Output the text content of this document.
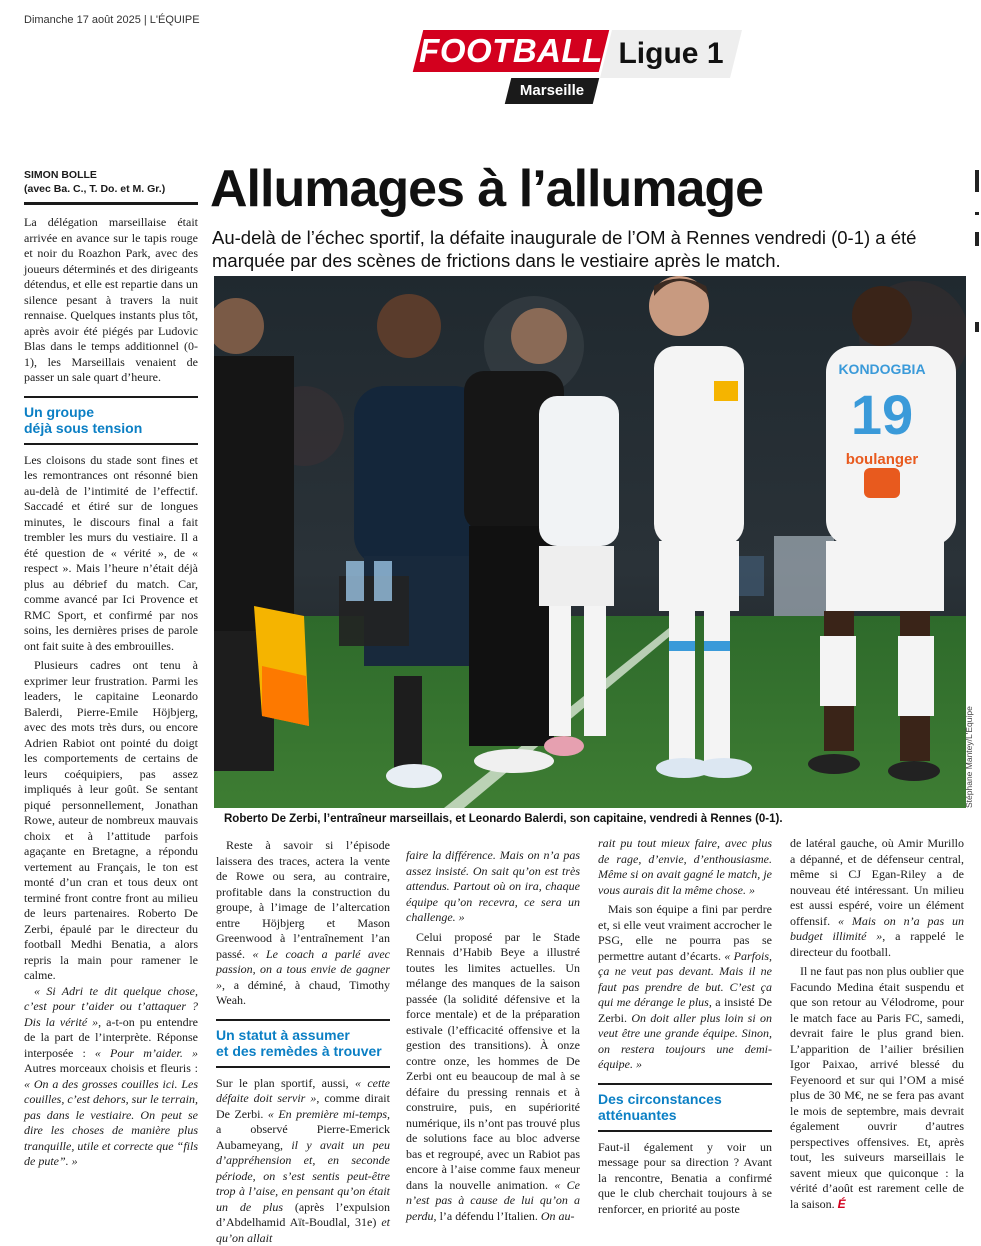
Dimanche 17 août 2025 | L'ÉQUIPE
FOOTBALL Ligue 1
Marseille
SIMON BOLLE
(avec Ba. C., T. Do. et M. Gr.)

La délégation marseillaise était arrivée en avance sur le tapis rouge et noir du Roazhon Park, avec des joueurs déterminés et des dirigeants détendus, et elle est repartie dans un silence pesant à travers la nuit rennaise. Quelques instants plus tôt, après avoir été piégés par Ludovic Blas dans le temps additionnel (0-1), les Marseillais venaient de passer un sale quart d’heure.

Un groupe
déjà sous tension

Les cloisons du stade sont fines et les remontrances ont résonné bien au-delà de l’intimité de l’effectif. Saccadé et étiré sur de longues minutes, le discours final a fait trembler les murs du vestiaire. Il a été question de « vérité », de « respect ». Mais l’heure n’était déjà plus au débrief du match. Car, comme avancé par Ici Provence et RMC Sport, et confirmé par nos soins, les dernières prises de parole ont fait suite à des embrouilles.

Plusieurs cadres ont tenu à exprimer leur frustration. Parmi les leaders, le capitaine Leonardo Balerdi, Pierre-Emile Höjbjerg, avec des mots très durs, ou encore Adrien Rabiot ont pointé du doigt les comportements de certains de leurs coéquipiers, pas assez impliqués à leur goût. Se sentant piqué personnellement, Jonathan Rowe, auteur de nombreux mauvais choix et à l’attitude parfois agaçante en Bretagne, a répondu vertement au Français, le ton est monté d’un cran et tous deux ont terminé front contre front au milieu de leurs partenaires. Roberto De Zerbi, épaulé par le directeur du football Medhi Benatia, a alors repris la main pour ramener le calme.

« Si Adri te dit quelque chose, c’est pour t’aider ou t’attaquer ? Dis la vérité », a-t-on pu entendre de la part de l’interprète. Réponse interposée : « Pour m’aider. » Autres morceaux choisis et fleuris : « On a des grosses couilles ici. Les couilles, c’est dehors, sur le terrain, pas dans le vestiaire. On peut se dire les choses de manière plus tranquille, utile et correcte que “fils de pute”. »

Allumages à l’allumage
Au-delà de l’échec sportif, la défaite inaugurale de l’OM à Rennes vendredi (0-1) a été marquée par des scènes de frictions dans le vestiaire après le match.
KONDOGBIA
19
boulanger
Stéphane Mantey/L'Équipe
Roberto De Zerbi, l’entraîneur marseillais, et Leonardo Balerdi, son capitaine, vendredi à Rennes (0-1).

Reste à savoir si l’épisode laissera des traces, actera la vente de Rowe ou sera, au contraire, profitable dans la construction du groupe, à l’image de l’altercation entre Höjbjerg et Mason Greenwood à l’entraînement l’an passé. « Le coach a parlé avec passion, on a tous envie de gagner », a déminé, à chaud, Timothy Weah.

Un statut à assumer
et des remèdes à trouver

Sur le plan sportif, aussi, « cette défaite doit servir », comme dirait De Zerbi. « En première mi-temps, a observé Pierre-Emerick Aubameyang, il y avait un peu d’appréhension et, en seconde période, on s’est sentis peut-être trop à l’aise, en pensant qu’on était un de plus (après l’expulsion d’Abdelhamid Aït-Boudlal, 31e) et qu’on allait

faire la différence. Mais on n’a pas assez insisté. On sait qu’on est très attendus. Partout où on ira, chaque équipe qu’on recevra, ce sera un challenge. »

Celui proposé par le Stade Rennais d’Habib Beye a illustré toutes les limites actuelles. Un mélange des manques de la saison passée (la solidité défensive et la force mentale) et de la préparation estivale (l’efficacité offensive et la gestion des transitions). À onze contre onze, les hommes de De Zerbi ont eu beaucoup de mal à se défaire du pressing rennais et à construire, puis, en supériorité numérique, ils n’ont pas trouvé plus de solutions face au bloc adverse bas et regroupé, avec un Rabiot pas encore à l’aise comme faux meneur dans la nouvelle animation. « Ce n’est pas à cause de lui qu’on a perdu, l’a défendu l’Italien. On au-

rait pu tout mieux faire, avec plus de rage, d’envie, d’enthousiasme. Même si on avait gagné le match, je vous aurais dit la même chose. »

Mais son équipe a fini par perdre et, si elle veut vraiment accrocher le PSG, elle ne pourra pas se permettre autant d’écarts. « Parfois, ça ne veut pas devant. Mais il ne faut pas prendre de but. C’est ça qui me dérange le plus, a insisté De Zerbi. On doit aller plus loin si on veut être une grande équipe. Sinon, on restera toujours une demi-équipe. »

Des circonstances
atténuantes

Faut-il également y voir un message pour sa direction ? Avant la rencontre, Benatia a confirmé que le club cherchait toujours à se renforcer, en priorité au poste

de latéral gauche, où Amir Murillo a dépanné, et de défenseur central, même si CJ Egan-Riley a de nouveau été intéressant. Un milieu est aussi espéré, voire un élément offensif. « Mais on n’a pas un budget illimité », a rappelé le directeur du football.

Il ne faut pas non plus oublier que Facundo Medina était suspendu et que son retour au Vélodrome, pour le match face au Paris FC, samedi, devrait faire le plus grand bien. L’apparition de l’ailier brésilien Igor Paixao, arrivé blessé du Feyenoord et sur qui l’OM a misé plus de 30 M€, ne se fera pas avant le mois de septembre, mais devrait également ouvrir d’autres perspectives offensives. Et, après tout, les suiveurs marseillais le savent mieux que quiconque : la vérité d’août est rarement celle de la saison. É
